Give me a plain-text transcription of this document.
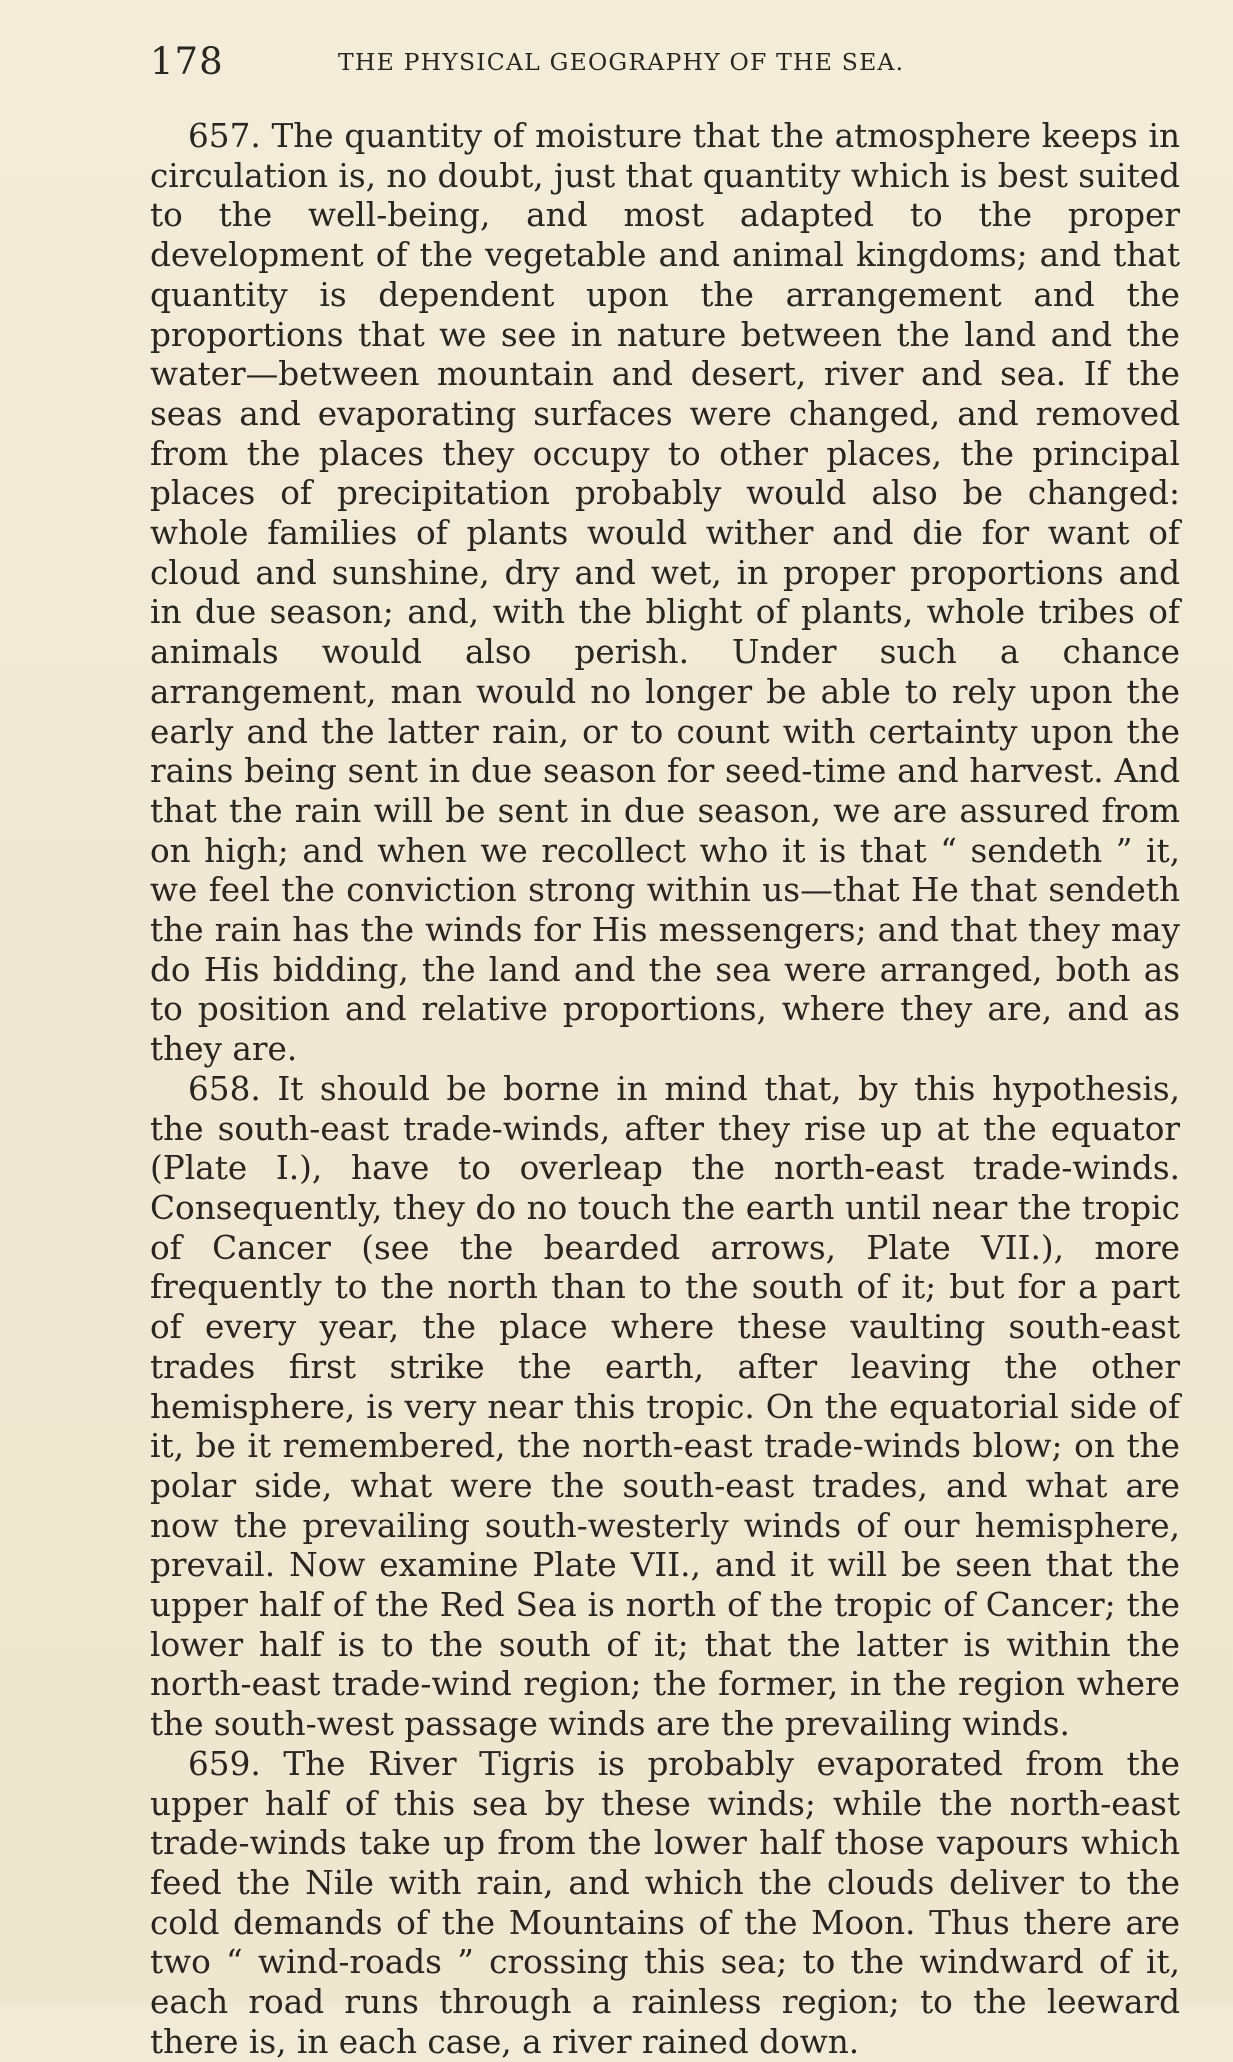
178	THE PHYSICAL GEOGRAPHY OF THE SEA.

657. The quantity of moisture that the atmosphere keeps in circulation is, no doubt, just that quantity which is best suited to the well-being, and most adapted to the proper development of the vegetable and animal kingdoms; and that quantity is dependent upon the arrangement and the proportions that we see in nature between the land and the water—between mountain and desert, river and sea. If the seas and evaporating surfaces were changed, and removed from the places they occupy to other places, the principal places of precipitation probably would also be changed: whole families of plants would wither and die for want of cloud and sunshine, dry and wet, in proper proportions and in due season; and, with the blight of plants, whole tribes of animals would also perish. Under such a chance arrangement, man would no longer be able to rely upon the early and the latter rain, or to count with certainty upon the rains being sent in due season for seed-time and harvest. And that the rain will be sent in due season, we are assured from on high; and when we recollect who it is that “ sendeth ” it, we feel the conviction strong within us—that He that sendeth the rain has the winds for His messengers; and that they may do His bidding, the land and the sea were arranged, both as to position and relative proportions, where they are, and as they are.

658. It should be borne in mind that, by this hypothesis, the south-east trade-winds, after they rise up at the equator (Plate I.), have to overleap the north-east trade-winds. Consequently, they do no touch the earth until near the tropic of Cancer (see the bearded arrows, Plate VII.), more frequently to the north than to the south of it; but for a part of every year, the place where these vaulting south-east trades first strike the earth, after leaving the other hemisphere, is very near this tropic. On the equatorial side of it, be it remembered, the north-east trade-winds blow; on the polar side, what were the south-east trades, and what are now the prevailing south-westerly winds of our hemisphere, prevail. Now examine Plate VII., and it will be seen that the upper half of the Red Sea is north of the tropic of Cancer; the lower half is to the south of it; that the latter is within the north-east trade-wind region; the former, in the region where the south-west passage winds are the prevailing winds.

659. The River Tigris is probably evaporated from the upper half of this sea by these winds; while the north-east trade-winds take up from the lower half those vapours which feed the Nile with rain, and which the clouds deliver to the cold demands of the Mountains of the Moon. Thus there are two “ wind-roads ” crossing this sea; to the windward of it, each road runs through a rainless region; to the leeward there is, in each case, a river rained down.
